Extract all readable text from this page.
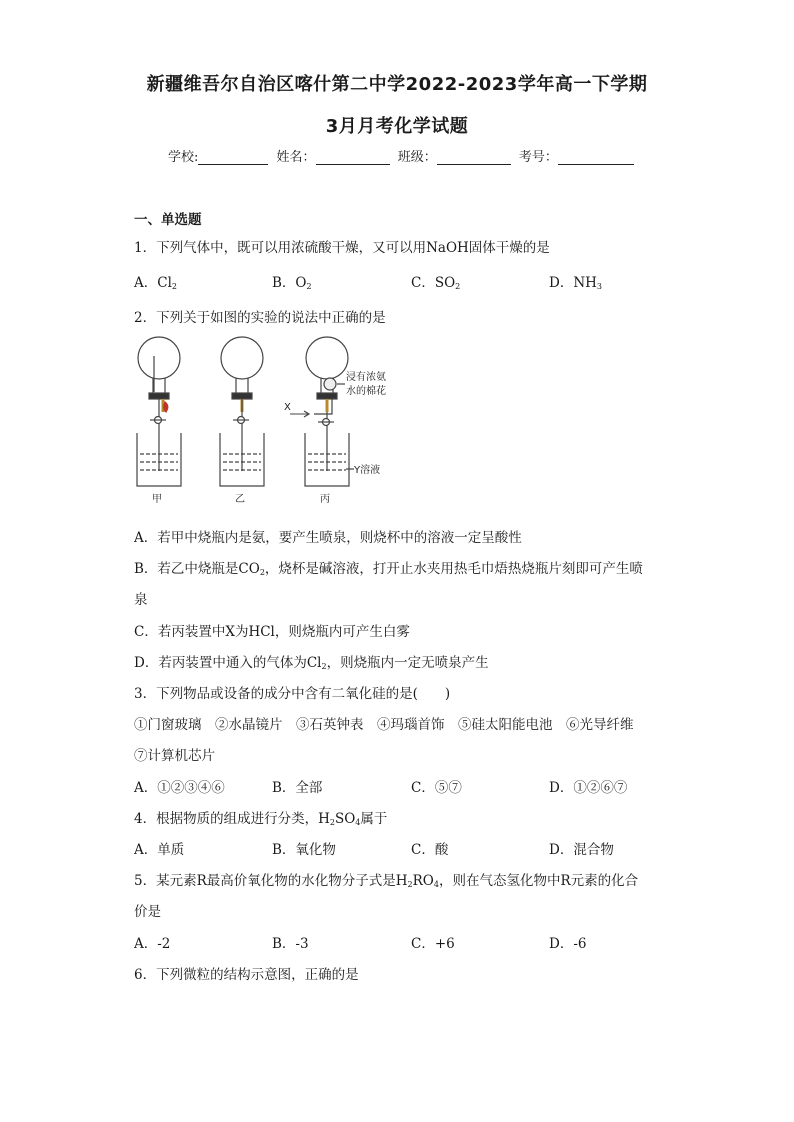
新疆维吾尔自治区喀什第二中学2022-2023学年高一下学期
3月月考化学试题
学校:	姓名：	班级：	考号：
一、单选题
1．下列气体中，既可以用浓硫酸干燥，又可以用NaOH固体干燥的是
A．$Cl_2$	B．$O_2$	C．$SO_2$	D．$NH_3$
2．下列关于如图的实验的说法中正确的是
甲	乙
X
浸有浓氨
水的棉花
Y溶液
丙
A．若甲中烧瓶内是氨，要产生喷泉，则烧杯中的溶液一定呈酸性
B．若乙中烧瓶是$CO_2$，烧杯是碱溶液，打开止水夹用热毛巾焐热烧瓶片刻即可产生喷
泉
C．若丙装置中X为HCl，则烧瓶内可产生白雾
D．若丙装置中通入的气体为$Cl_2$，则烧瓶内一定无喷泉产生
3．下列物品或设备的成分中含有二氧化硅的是(　　)
①门窗玻璃　②水晶镜片　③石英钟表　④玛瑙首饰　⑤硅太阳能电池　⑥光导纤维
⑦计算机芯片
A．①②③④⑥	B．全部	C．⑤⑦	D．①②⑥⑦
4．根据物质的组成进行分类，$H_2SO_4$属于
A．单质	B．氧化物	C．酸	D．混合物
5．某元素R最高价氧化物的水化物分子式是$H_2RO_4$，则在气态氢化物中R元素的化合
价是
A．-2	B．-3	C．+6	D．-6
6．下列微粒的结构示意图，正确的是
